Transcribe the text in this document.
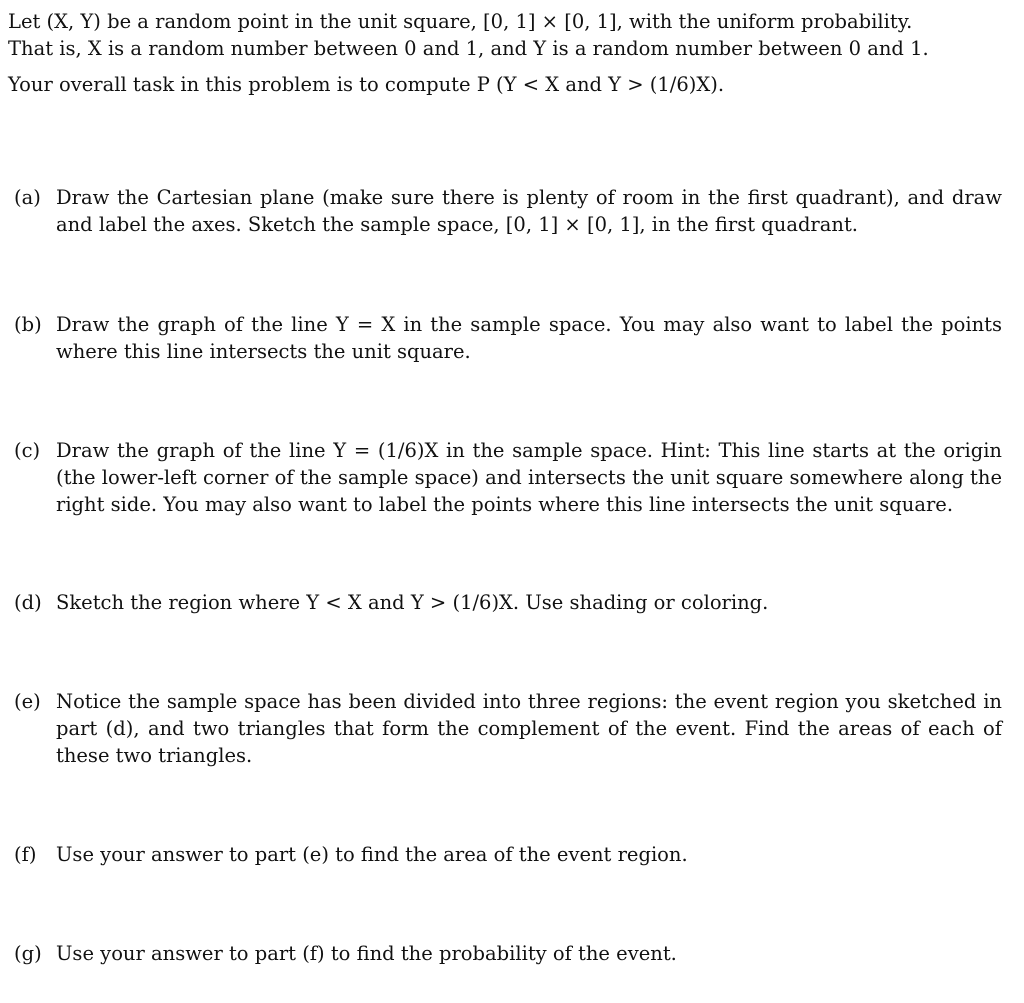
Let (X, Y) be a random point in the unit square, [0, 1] × [0, 1], with the uniform probability.
That is, X is a random number between 0 and 1, and Y is a random number between 0 and 1.
Your overall task in this problem is to compute P (Y < X and Y > (1/6)X).
(a) Draw the Cartesian plane (make sure there is plenty of room in the first quadrant), and draw and label the axes. Sketch the sample space, [0, 1] × [0, 1], in the first quadrant.
(b) Draw the graph of the line Y = X in the sample space. You may also want to label the points where this line intersects the unit square.
(c) Draw the graph of the line Y = (1/6)X in the sample space. Hint: This line starts at the origin (the lower-left corner of the sample space) and intersects the unit square somewhere along the right side. You may also want to label the points where this line intersects the unit square.
(d) Sketch the region where Y < X and Y > (1/6)X. Use shading or coloring.
(e) Notice the sample space has been divided into three regions: the event region you sketched in part (d), and two triangles that form the complement of the event. Find the areas of each of these two triangles.
(f) Use your answer to part (e) to find the area of the event region.
(g) Use your answer to part (f) to find the probability of the event.
